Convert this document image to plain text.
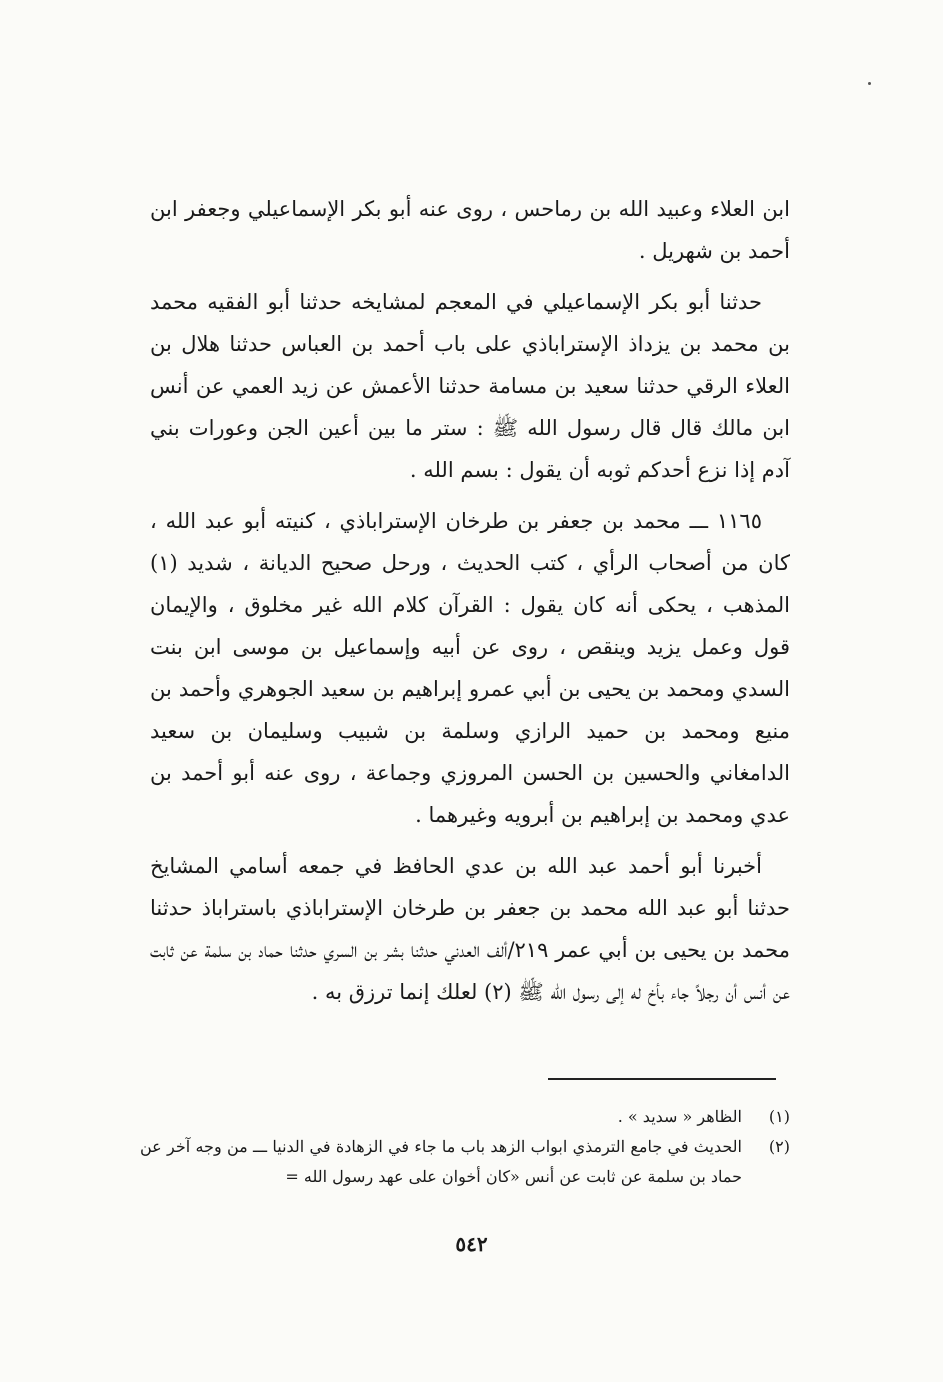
ابن العلاء وعبيد الله بن رماحس ، روى عنه أبو بكر الإسماعيلي وجعفر ابن أحمد بن شهريل .

حدثنا أبو بكر الإسماعيلي في المعجم لمشايخه حدثنا أبو الفقيه محمد بن محمد بن يزداذ الإستراباذي على باب أحمد بن العباس حدثنا هلال بن العلاء الرقي حدثنا سعيد بن مسامة حدثنا الأعمش عن زيد العمي عن أنس ابن مالك قال قال رسول الله ﷺ : ستر ما بين أعين الجن وعورات بني آدم إذا نزع أحدكم ثوبه أن يقول : بسم الله .

١١٦٥ ـــ محمد بن جعفر بن طرخان الإستراباذي ، كنيته أبو عبد الله ، كان من أصحاب الرأي ، كتب الحديث ، ورحل صحيح الديانة ، شديد (١) المذهب ، يحكى أنه كان يقول : القرآن كلام الله غير مخلوق ، والإيمان قول وعمل يزيد وينقص ، روى عن أبيه وإسماعيل بن موسى ابن بنت السدي ومحمد بن يحيى بن أبي عمرو إبراهيم بن سعيد الجوهري وأحمد بن منيع ومحمد بن حميد الرازي وسلمة بن شبيب وسليمان بن سعيد الدامغاني والحسين بن الحسن المروزي وجماعة ، روى عنه أبو أحمد بن عدي ومحمد بن إبراهيم بن أبرويه وغيرهما .

أخبرنا أبو أحمد عبد الله بن عدي الحافظ في جمعه أسامي المشايخ حدثنا أبو عبد الله محمد بن جعفر بن طرخان الإستراباذي باستراباذ حدثنا محمد بن يحيى بن أبي عمر ٢١٩/ألف العدني حدثنا بشر بن السري حدثنا حماد بن سلمة عن ثابت عن أنس أن رجلاً جاء بأخ له إلى رسول الله ﷺ (٢) لعلك إنما ترزق به .

(١)
الظاهر « سديد » .
(٢)
الحديث في جامع الترمذي ابواب الزهد باب ما جاء في الزهادة في الدنيا ـــ من وجه آخر عن حماد بن سلمة عن ثابت عن أنس «كان أخوان على عهد رسول الله =
٥٤٢
